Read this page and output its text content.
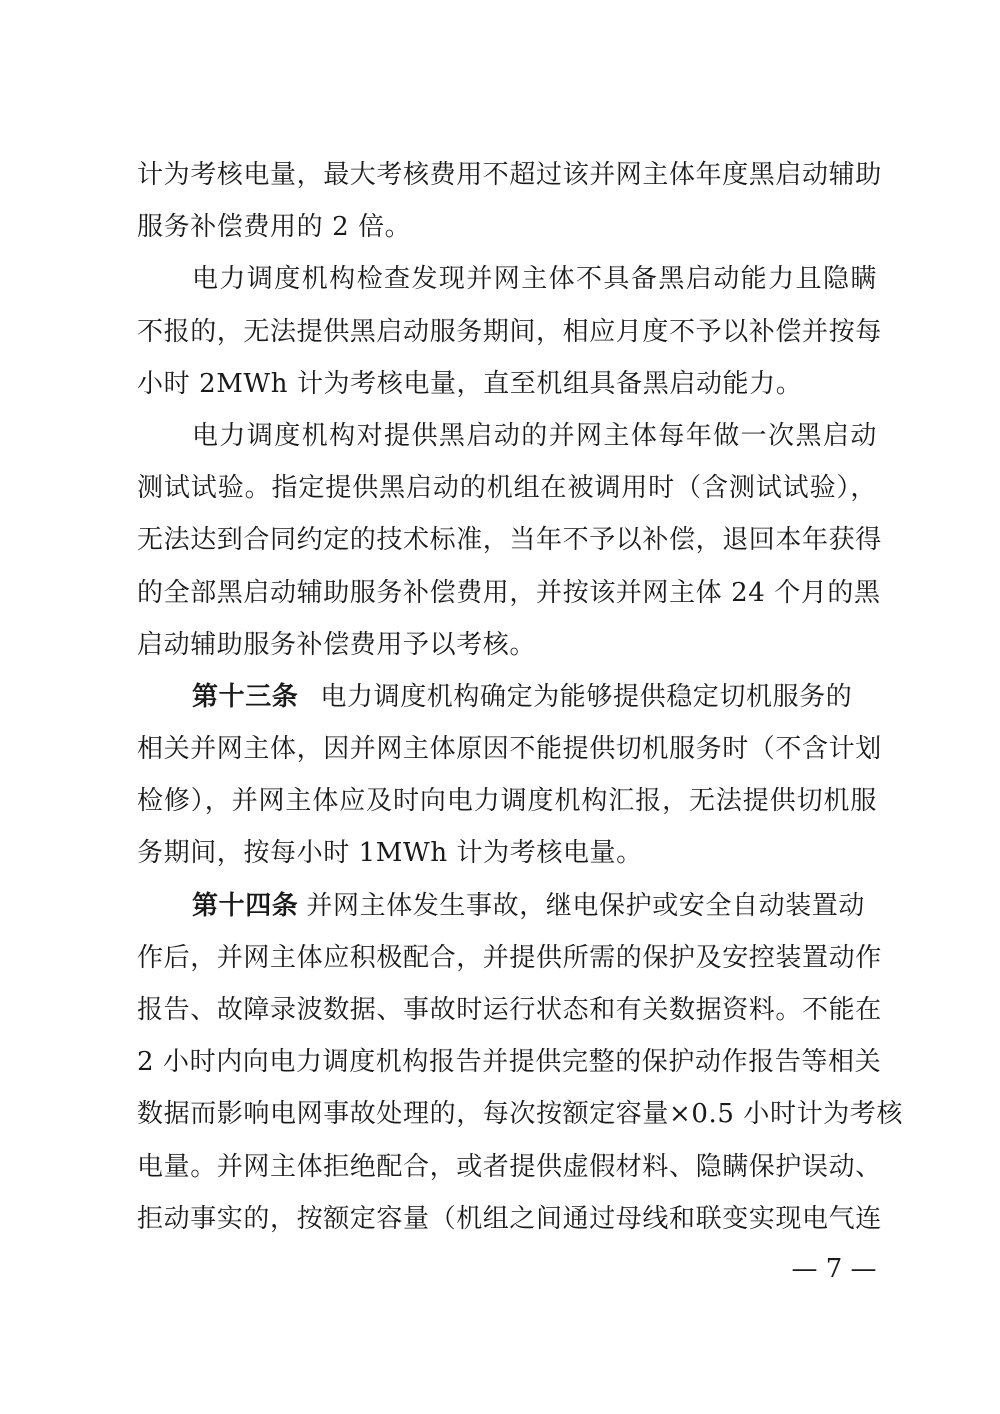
计为考核电量，最大考核费用不超过该并网主体年度黑启动辅助
服务补偿费用的 2 倍。
电力调度机构检查发现并网主体不具备黑启动能力且隐瞒
不报的，无法提供黑启动服务期间，相应月度不予以补偿并按每
小时 2MWh 计为考核电量，直至机组具备黑启动能力。
电力调度机构对提供黑启动的并网主体每年做一次黑启动
测试试验。指定提供黑启动的机组在被调用时（含测试试验），
无法达到合同约定的技术标准，当年不予以补偿，退回本年获得
的全部黑启动辅助服务补偿费用，并按该并网主体 24 个月的黑
启动辅助服务补偿费用予以考核。
第十三条 电力调度机构确定为能够提供稳定切机服务的
相关并网主体，因并网主体原因不能提供切机服务时（不含计划
检修），并网主体应及时向电力调度机构汇报，无法提供切机服
务期间，按每小时 1MWh 计为考核电量。
第十四条 并网主体发生事故，继电保护或安全自动装置动
作后，并网主体应积极配合，并提供所需的保护及安控装置动作
报告、故障录波数据、事故时运行状态和有关数据资料。不能在
2 小时内向电力调度机构报告并提供完整的保护动作报告等相关
数据而影响电网事故处理的，每次按额定容量×0.5 小时计为考核
电量。并网主体拒绝配合，或者提供虚假材料、隐瞒保护误动、
拒动事实的，按额定容量（机组之间通过母线和联变实现电气连
— 7 —
